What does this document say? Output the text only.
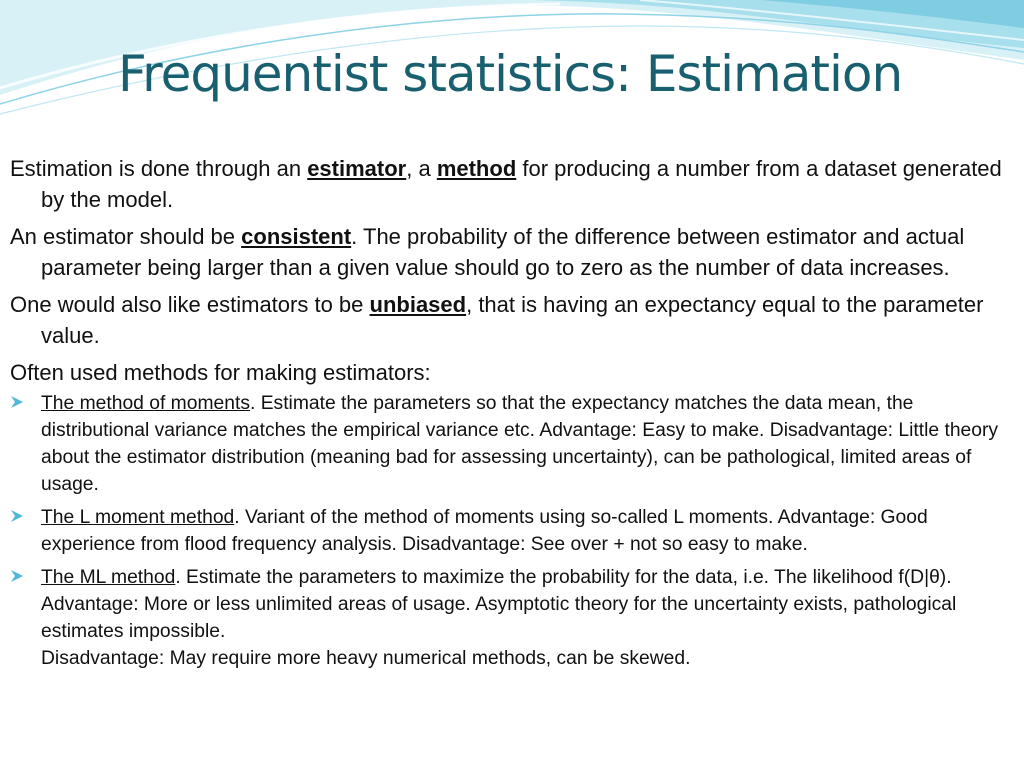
Frequentist statistics: Estimation

Estimation is done through an estimator, a method for producing a number from a dataset generated by the model.

An estimator should be consistent. The probability of the difference between estimator and actual parameter being larger than a given value should go to zero as the number of data increases.

One would also like estimators to be unbiased, that is having an expectancy equal to the parameter value.

Often used methods for making estimators:

The method of moments. Estimate the parameters so that the expectancy matches the data mean, the distributional variance matches the empirical variance etc. Advantage: Easy to make. Disadvantage: Little theory about the estimator distribution (meaning bad for assessing uncertainty), can be pathological, limited areas of usage.
The L moment method. Variant of the method of moments using so-called L moments. Advantage: Good experience from flood frequency analysis. Disadvantage: See over + not so easy to make.
The ML method. Estimate the parameters to maximize the probability for the data, i.e. The likelihood f(D|θ). Advantage: More or less unlimited areas of usage. Asymptotic theory for the uncertainty exists, pathological estimates impossible.
Disadvantage: May require more heavy numerical methods, can be skewed.
